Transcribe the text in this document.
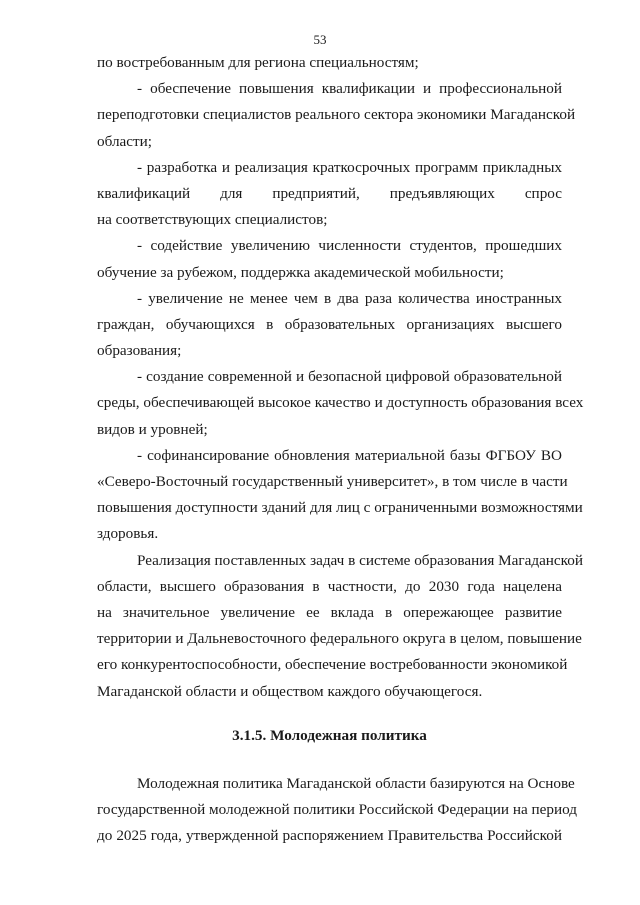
53
по востребованным для региона специальностям;
- обеспечение повышения квалификации и профессиональной
переподготовки специалистов реального сектора экономики Магаданской
области;
- разработка и реализация краткосрочных программ прикладных
квалификаций для предприятий, предъявляющих спрос
на соответствующих специалистов;
- содействие увеличению численности студентов, прошедших
обучение за рубежом, поддержка академической мобильности;
- увеличение не менее чем в два раза количества иностранных
граждан, обучающихся в образовательных организациях высшего
образования;
- создание современной и безопасной цифровой образовательной
среды, обеспечивающей высокое качество и доступность образования всех
видов и уровней;
- софинансирование обновления материальной базы ФГБОУ ВО
«Северо-Восточный государственный университет», в том числе в части
повышения доступности зданий для лиц с ограниченными возможностями
здоровья.
Реализация поставленных задач в системе образования Магаданской
области, высшего образования в частности, до 2030 года нацелена
на значительное увеличение ее вклада в опережающее развитие
территории и Дальневосточного федерального округа в целом, повышение
его конкурентоспособности, обеспечение востребованности экономикой
Магаданской области и обществом каждого обучающегося.
3.1.5. Молодежная политика
Молодежная политика Магаданской области базируются на Основе
государственной молодежной политики Российской Федерации на период
до 2025 года, утвержденной распоряжением Правительства Российской
